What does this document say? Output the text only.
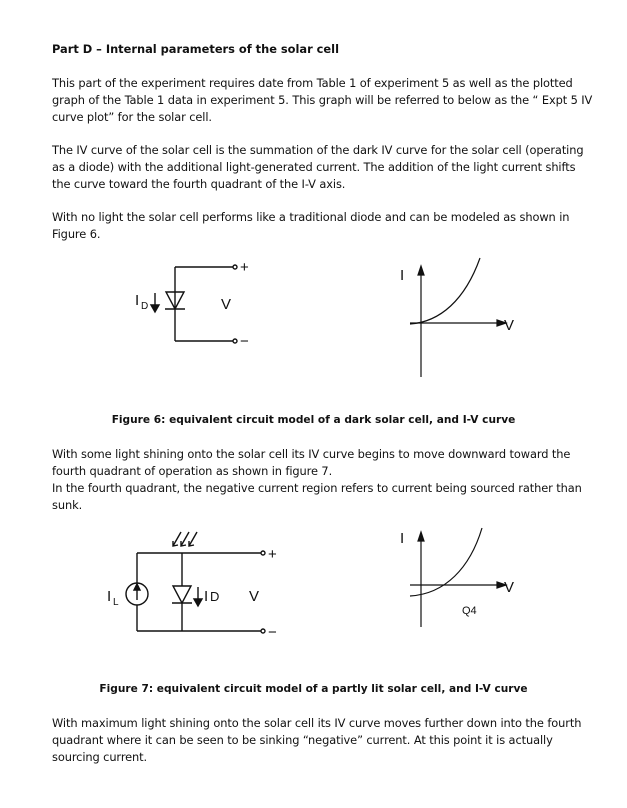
Part D – Internal parameters of the solar cell
This part of the experiment requires date from Table 1 of experiment 5 as well as the plotted graph of the Table 1 data in experiment 5. This graph will be referred to below as the “ Expt 5 IV curve plot” for the solar cell.
The IV curve of the solar cell is the summation of the dark IV curve for the solar cell (operating as a diode) with the additional light-generated current. The addition of the light current shifts the curve toward the fourth quadrant of the I-V axis.
With no light the solar cell performs like a traditional diode and can be modeled as shown in Figure 6.
+
−
I D	V
I
V
Figure 6: equivalent circuit model of a dark solar cell, and I-V curve
With some light shining onto the solar cell its IV curve begins to move downward toward the fourth quadrant of operation as shown in figure 7.
In the fourth quadrant, the negative current region refers to current being sourced rather than sunk.
+
−
I L	I D V
I
V
Q4
Figure 7: equivalent circuit model of a partly lit solar cell, and I-V curve
With maximum light shining onto the solar cell its IV curve moves further down into the fourth quadrant where it can be seen to be sinking “negative” current. At this point it is actually sourcing current.
